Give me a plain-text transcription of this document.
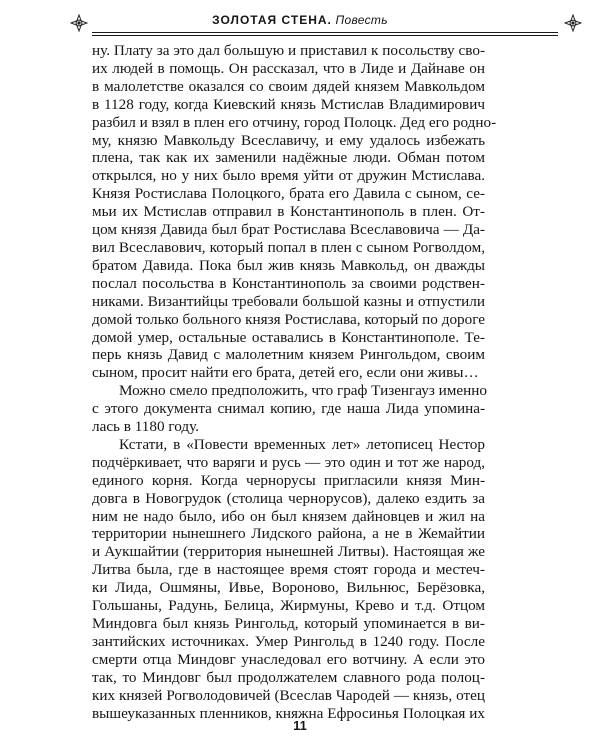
ЗОЛОТАЯ СТЕНА. Повесть
ну. Плату за это дал большую и приставил к посольству сво-
их людей в помощь. Он рассказал, что в Лиде и Дайнаве он
в малолетстве оказался со своим дядей князем Мавкольдом
в 1128 году, когда Киевский князь Мстислав Владимирович
разбил и взял в плен его отчину, город Полоцк. Дед его родно-
му, князю Мавкольду Всеславичу, и ему удалось избежать
плена, так как их заменили надёжные люди. Обман потом
открылся, но у них было время уйти от дружин Мстислава.
Князя Ростислава Полоцкого, брата его Давила с сыном, се-
мьи их Мстислав отправил в Константинополь в плен. От-
цом князя Давида был брат Ростислава Всеславовича — Да-
вил Всеславович, который попал в плен с сыном Рогволдом,
братом Давида. Пока был жив князь Мавкольд, он дважды
послал посольства в Константинополь за своими родствен-
никами. Византийцы требовали большой казны и отпустили
домой только больного князя Ростислава, который по дороге
домой умер, остальные оставались в Константинополе. Те-
перь князь Давид с малолетним князем Рингольдом, своим
сыном, просит найти его брата, детей его, если они живы…
Можно смело предположить, что граф Тизенгауз именно
с этого документа снимал копию, где наша Лида упомина-
лась в 1180 году.
Кстати, в «Повести временных лет» летописец Нестор
подчёркивает, что варяги и русь — это один и тот же народ,
единого корня. Когда чернорусы пригласили князя Мин-
довга в Новогрудок (столица чернорусов), далеко ездить за
ним не надо было, ибо он был князем дайновцев и жил на
территории нынешнего Лидского района, а не в Жемайтии
и Аукшайтии (территория нынешней Литвы). Настоящая же
Литва была, где в настоящее время стоят города и местеч-
ки Лида, Ошмяны, Ивье, Вороново, Вильнюс, Берёзовка,
Гольшаны, Радунь, Белица, Жирмуны, Крево и т.д. Отцом
Миндовга был князь Рингольд, который упоминается в ви-
зантийских источниках. Умер Рингольд в 1240 году. После
смерти отца Миндовг унаследовал его вотчину. А если это
так, то Миндовг был продолжателем славного рода полоц-
ких князей Рогволодовичей (Всеслав Чародей — князь, отец
вышеуказанных пленников, княжна Ефросинья Полоцкая их
11
